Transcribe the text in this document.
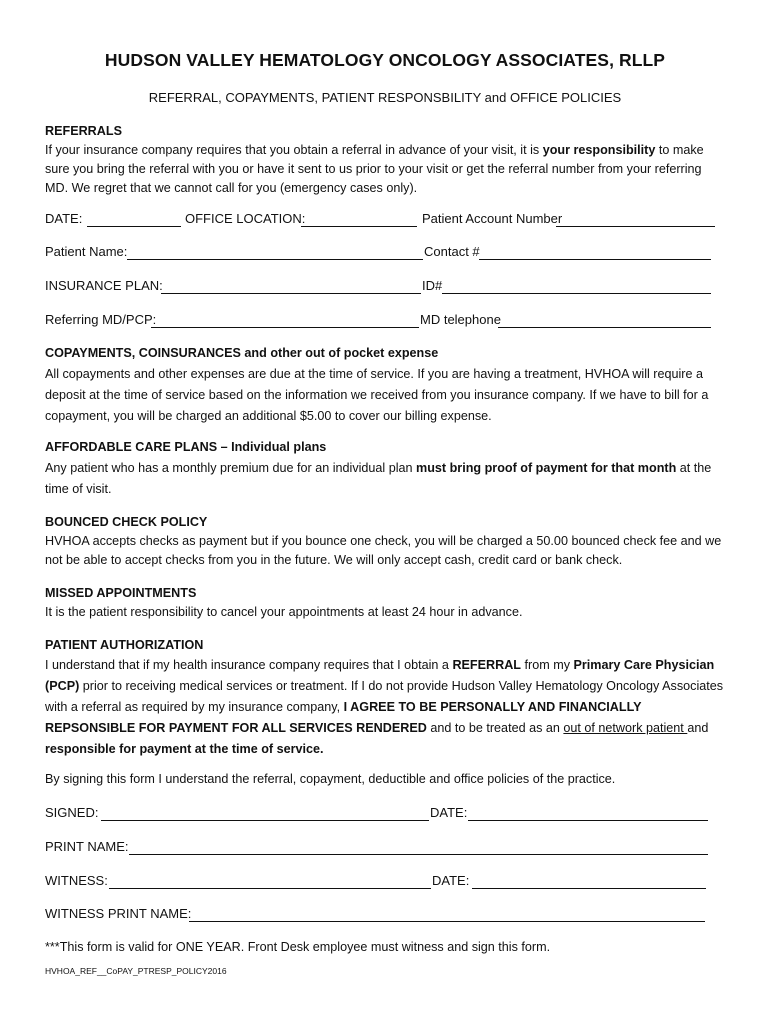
HUDSON VALLEY HEMATOLOGY ONCOLOGY ASSOCIATES, RLLP
REFERRAL, COPAYMENTS, PATIENT RESPONSBILITY and OFFICE POLICIES
REFERRALS
If your insurance company requires that you obtain a referral in advance of your visit, it is your responsibility to make sure you bring the referral with you or have it sent to us prior to your visit or get the referral number from your referring MD. We regret that we cannot call for you (emergency cases only).
DATE:	OFFICE LOCATION:	Patient Account Number
Patient Name:	Contact #
INSURANCE PLAN:	ID#
Referring MD/PCP:	MD telephone
COPAYMENTS, COINSURANCES and other out of pocket expense
All copayments and other expenses are due at the time of service. If you are having a treatment, HVHOA will require a deposit at the time of service based on the information we received from you insurance company. If we have to bill for a copayment, you will be charged an additional $5.00 to cover our billing expense.
AFFORDABLE CARE PLANS – Individual plans
Any patient who has a monthly premium due for an individual plan must bring proof of payment for that month at the time of visit.
BOUNCED CHECK POLICY
HVHOA accepts checks as payment but if you bounce one check, you will be charged a 50.00 bounced check fee and we not be able to accept checks from you in the future. We will only accept cash, credit card or bank check.
MISSED APPOINTMENTS
It is the patient responsibility to cancel your appointments at least 24 hour in advance.
PATIENT AUTHORIZATION
I understand that if my health insurance company requires that I obtain a REFERRAL from my Primary Care Physician (PCP) prior to receiving medical services or treatment. If I do not provide Hudson Valley Hematology Oncology Associates with a referral as required by my insurance company, I AGREE TO BE PERSONALLY AND FINANCIALLY REPSONSIBLE FOR PAYMENT FOR ALL SERVICES RENDERED and to be treated as an out of network patient and responsible for payment at the time of service.
By signing this form I understand the referral, copayment, deductible and office policies of the practice.
SIGNED:	DATE:
PRINT NAME:
WITNESS:	DATE:
WITNESS PRINT NAME:
***This form is valid for ONE YEAR. Front Desk employee must witness and sign this form.
HVHOA_REF__CoPAY_PTRESP_POLICY2016
